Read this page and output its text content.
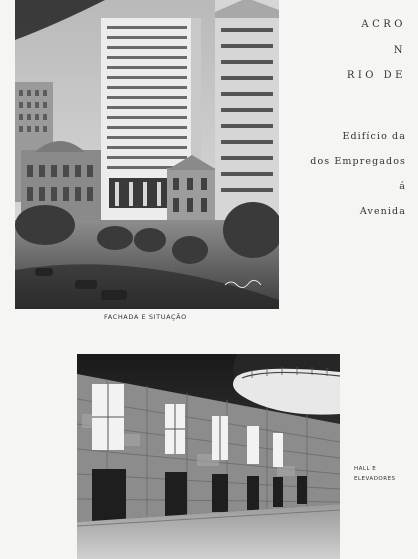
FACHADA E SITUAÇÃO
ACRO
N
RIO DE
Edifício da
dos Empregados
á
Avenida
HALL E
ELEVADORES
